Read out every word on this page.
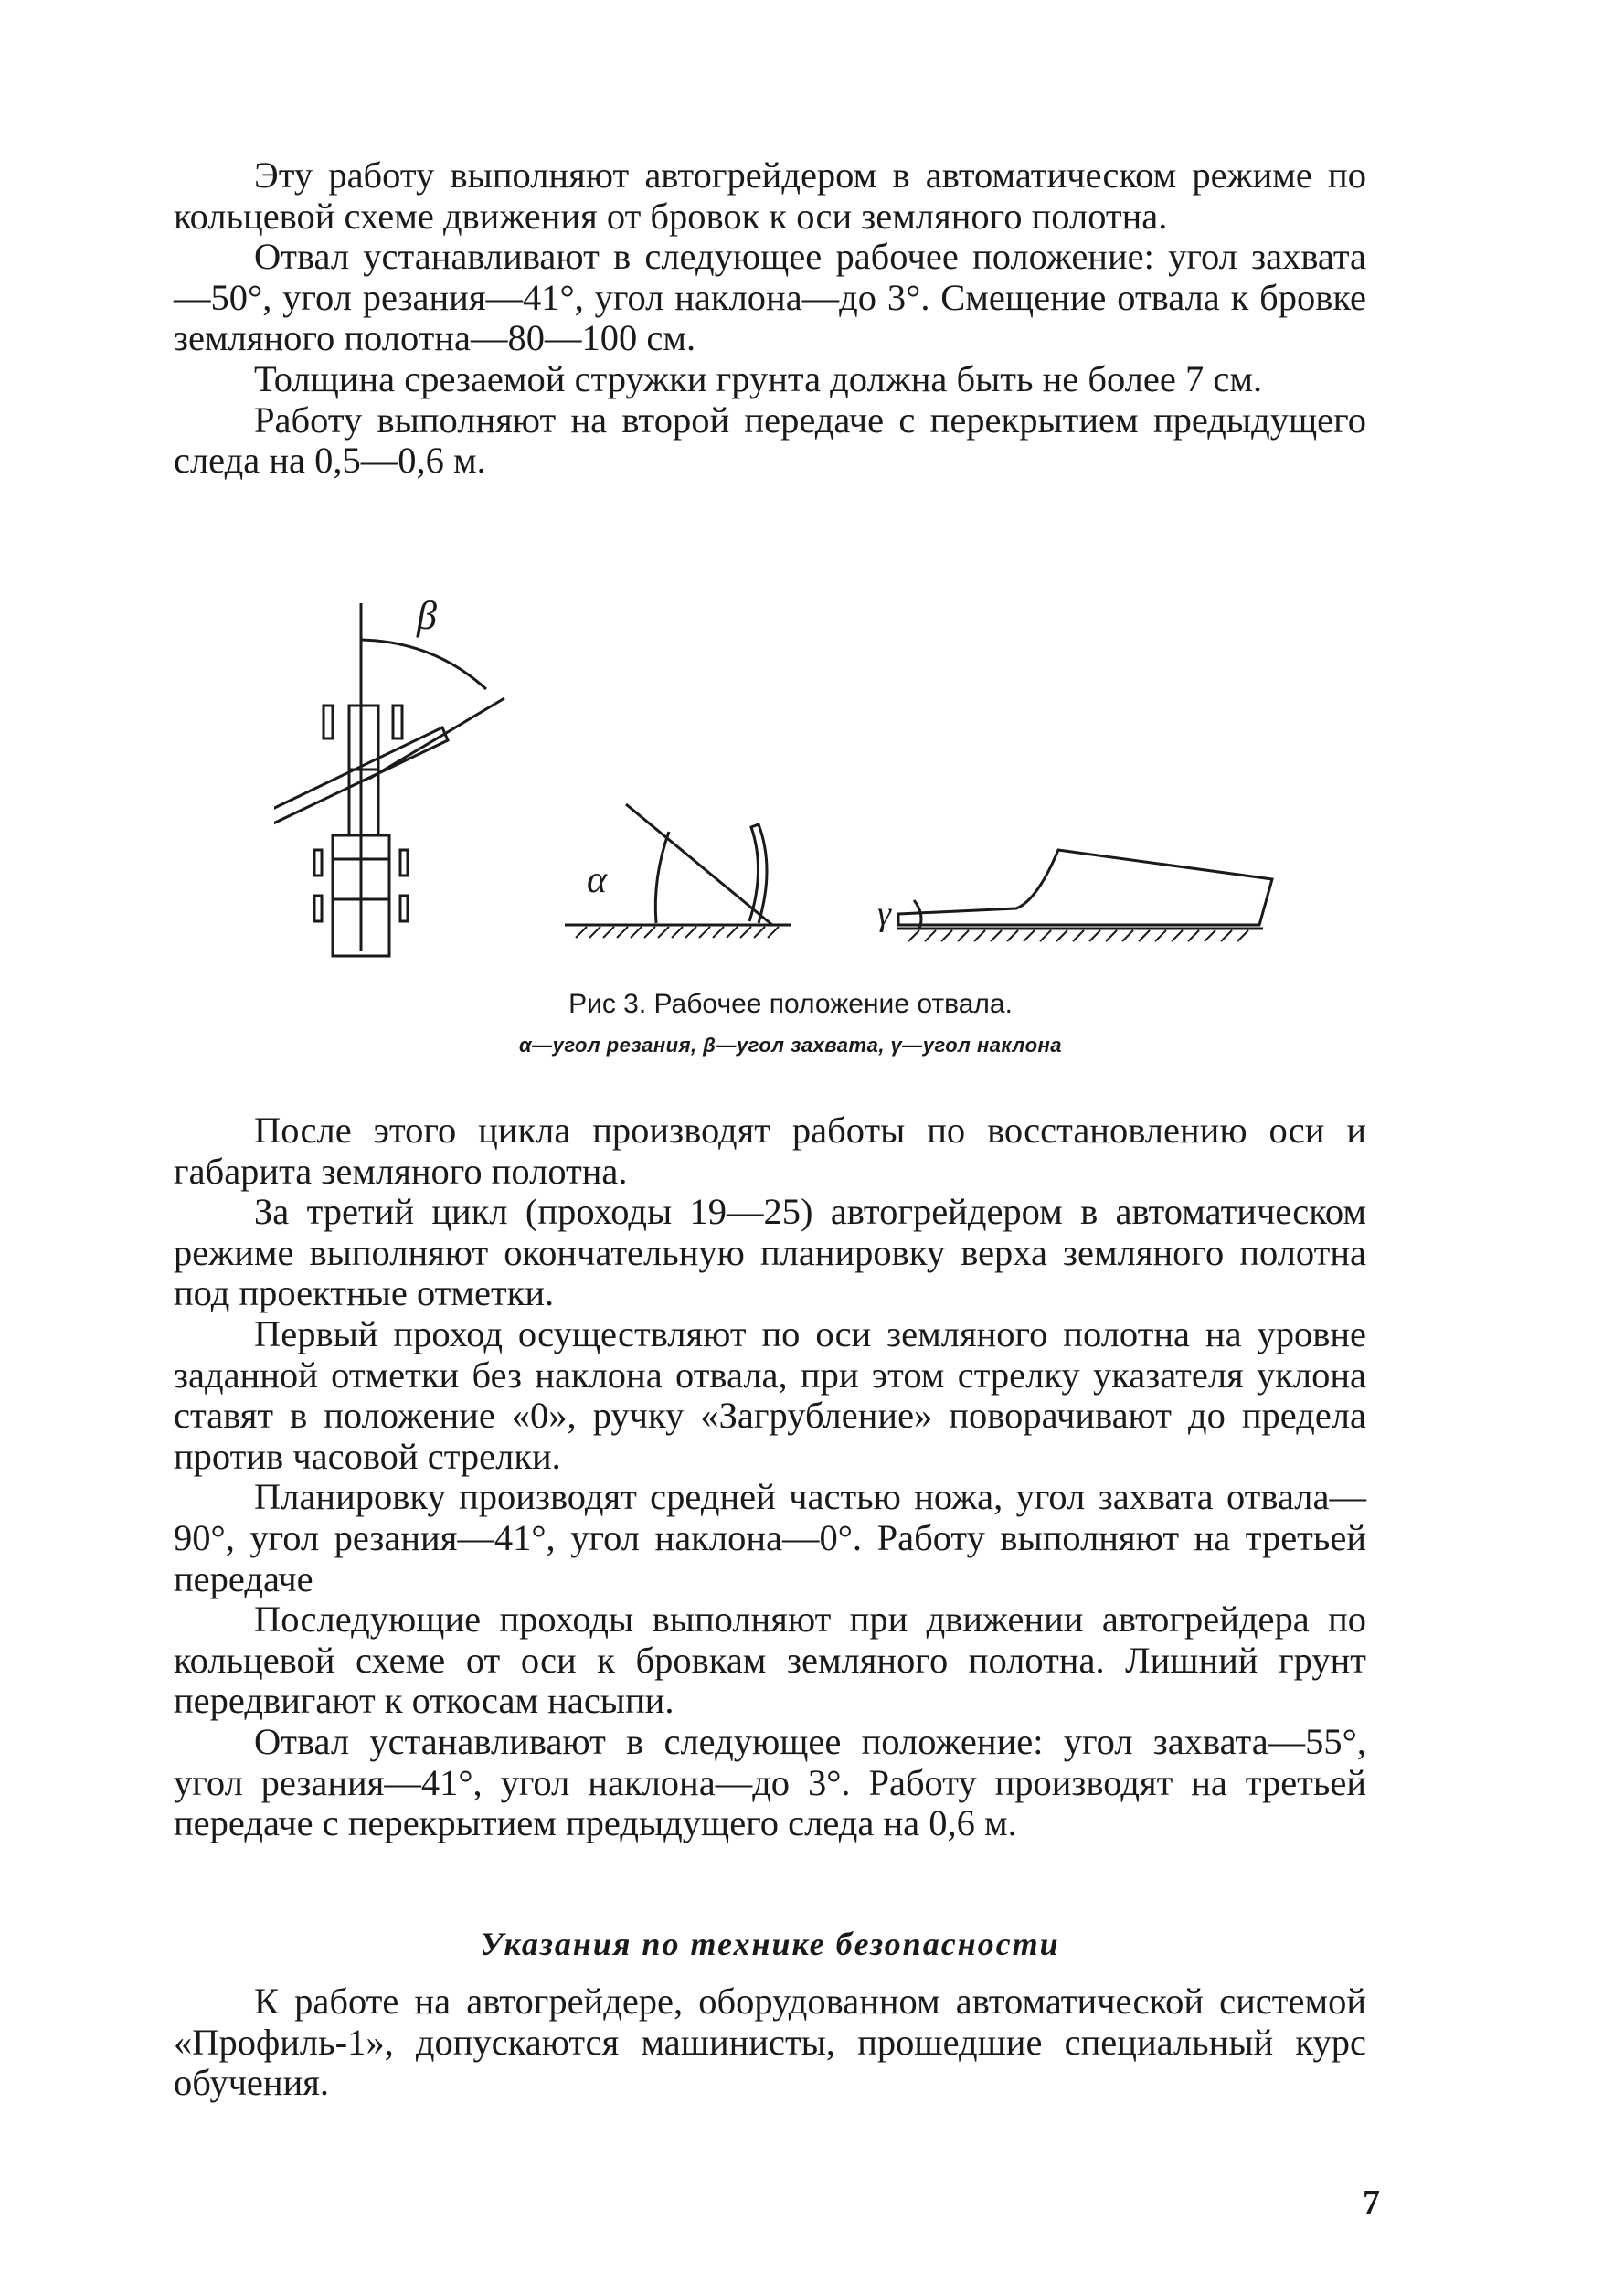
Эту работу выполняют автогрейдером в автоматическом режиме по кольцевой схеме движения от бровок к оси земляного полотна.

Отвал устанавливают в следующее рабочее положение: угол захвата—50°, угол резания—41°, угол наклона—до 3°. Смещение отвала к бровке земляного полотна—80—100 см.

Толщина срезаемой стружки грунта должна быть не более 7 см.

Работу выполняют на второй передаче с перекрытием предыдущего следа на 0,5—0,6 м.

β
α
γ

Рис 3. Рабочее положение отвала.

α—угол резания, β—угол захвата, γ—угол наклона

После этого цикла производят работы по восстановлению оси и габарита земляного полотна.

За третий цикл (проходы 19—25) автогрейдером в автоматическом режиме выполняют окончательную планировку верха земляного полотна под проектные отметки.

Первый проход осуществляют по оси земляного полотна на уровне заданной отметки без наклона отвала, при этом стрелку указателя уклона ставят в положение «0», ручку «Загрубление» поворачивают до предела против часовой стрелки.

Планировку производят средней частью ножа, угол захвата отвала—90°, угол резания—41°, угол наклона—0°. Работу выполняют на третьей передаче

Последующие проходы выполняют при движении автогрейдера по кольцевой схеме от оси к бровкам земляного полотна. Лишний грунт передвигают к откосам насыпи.

Отвал устанавливают в следующее положение: угол захвата—55°, угол резания—41°, угол наклона—до 3°. Работу производят на третьей передаче с перекрытием предыдущего следа на 0,6 м.

Указания по технике безопасности

К работе на автогрейдере, оборудованном автоматической системой «Профиль-1», допускаются машинисты, прошедшие специальный курс обучения.

7
